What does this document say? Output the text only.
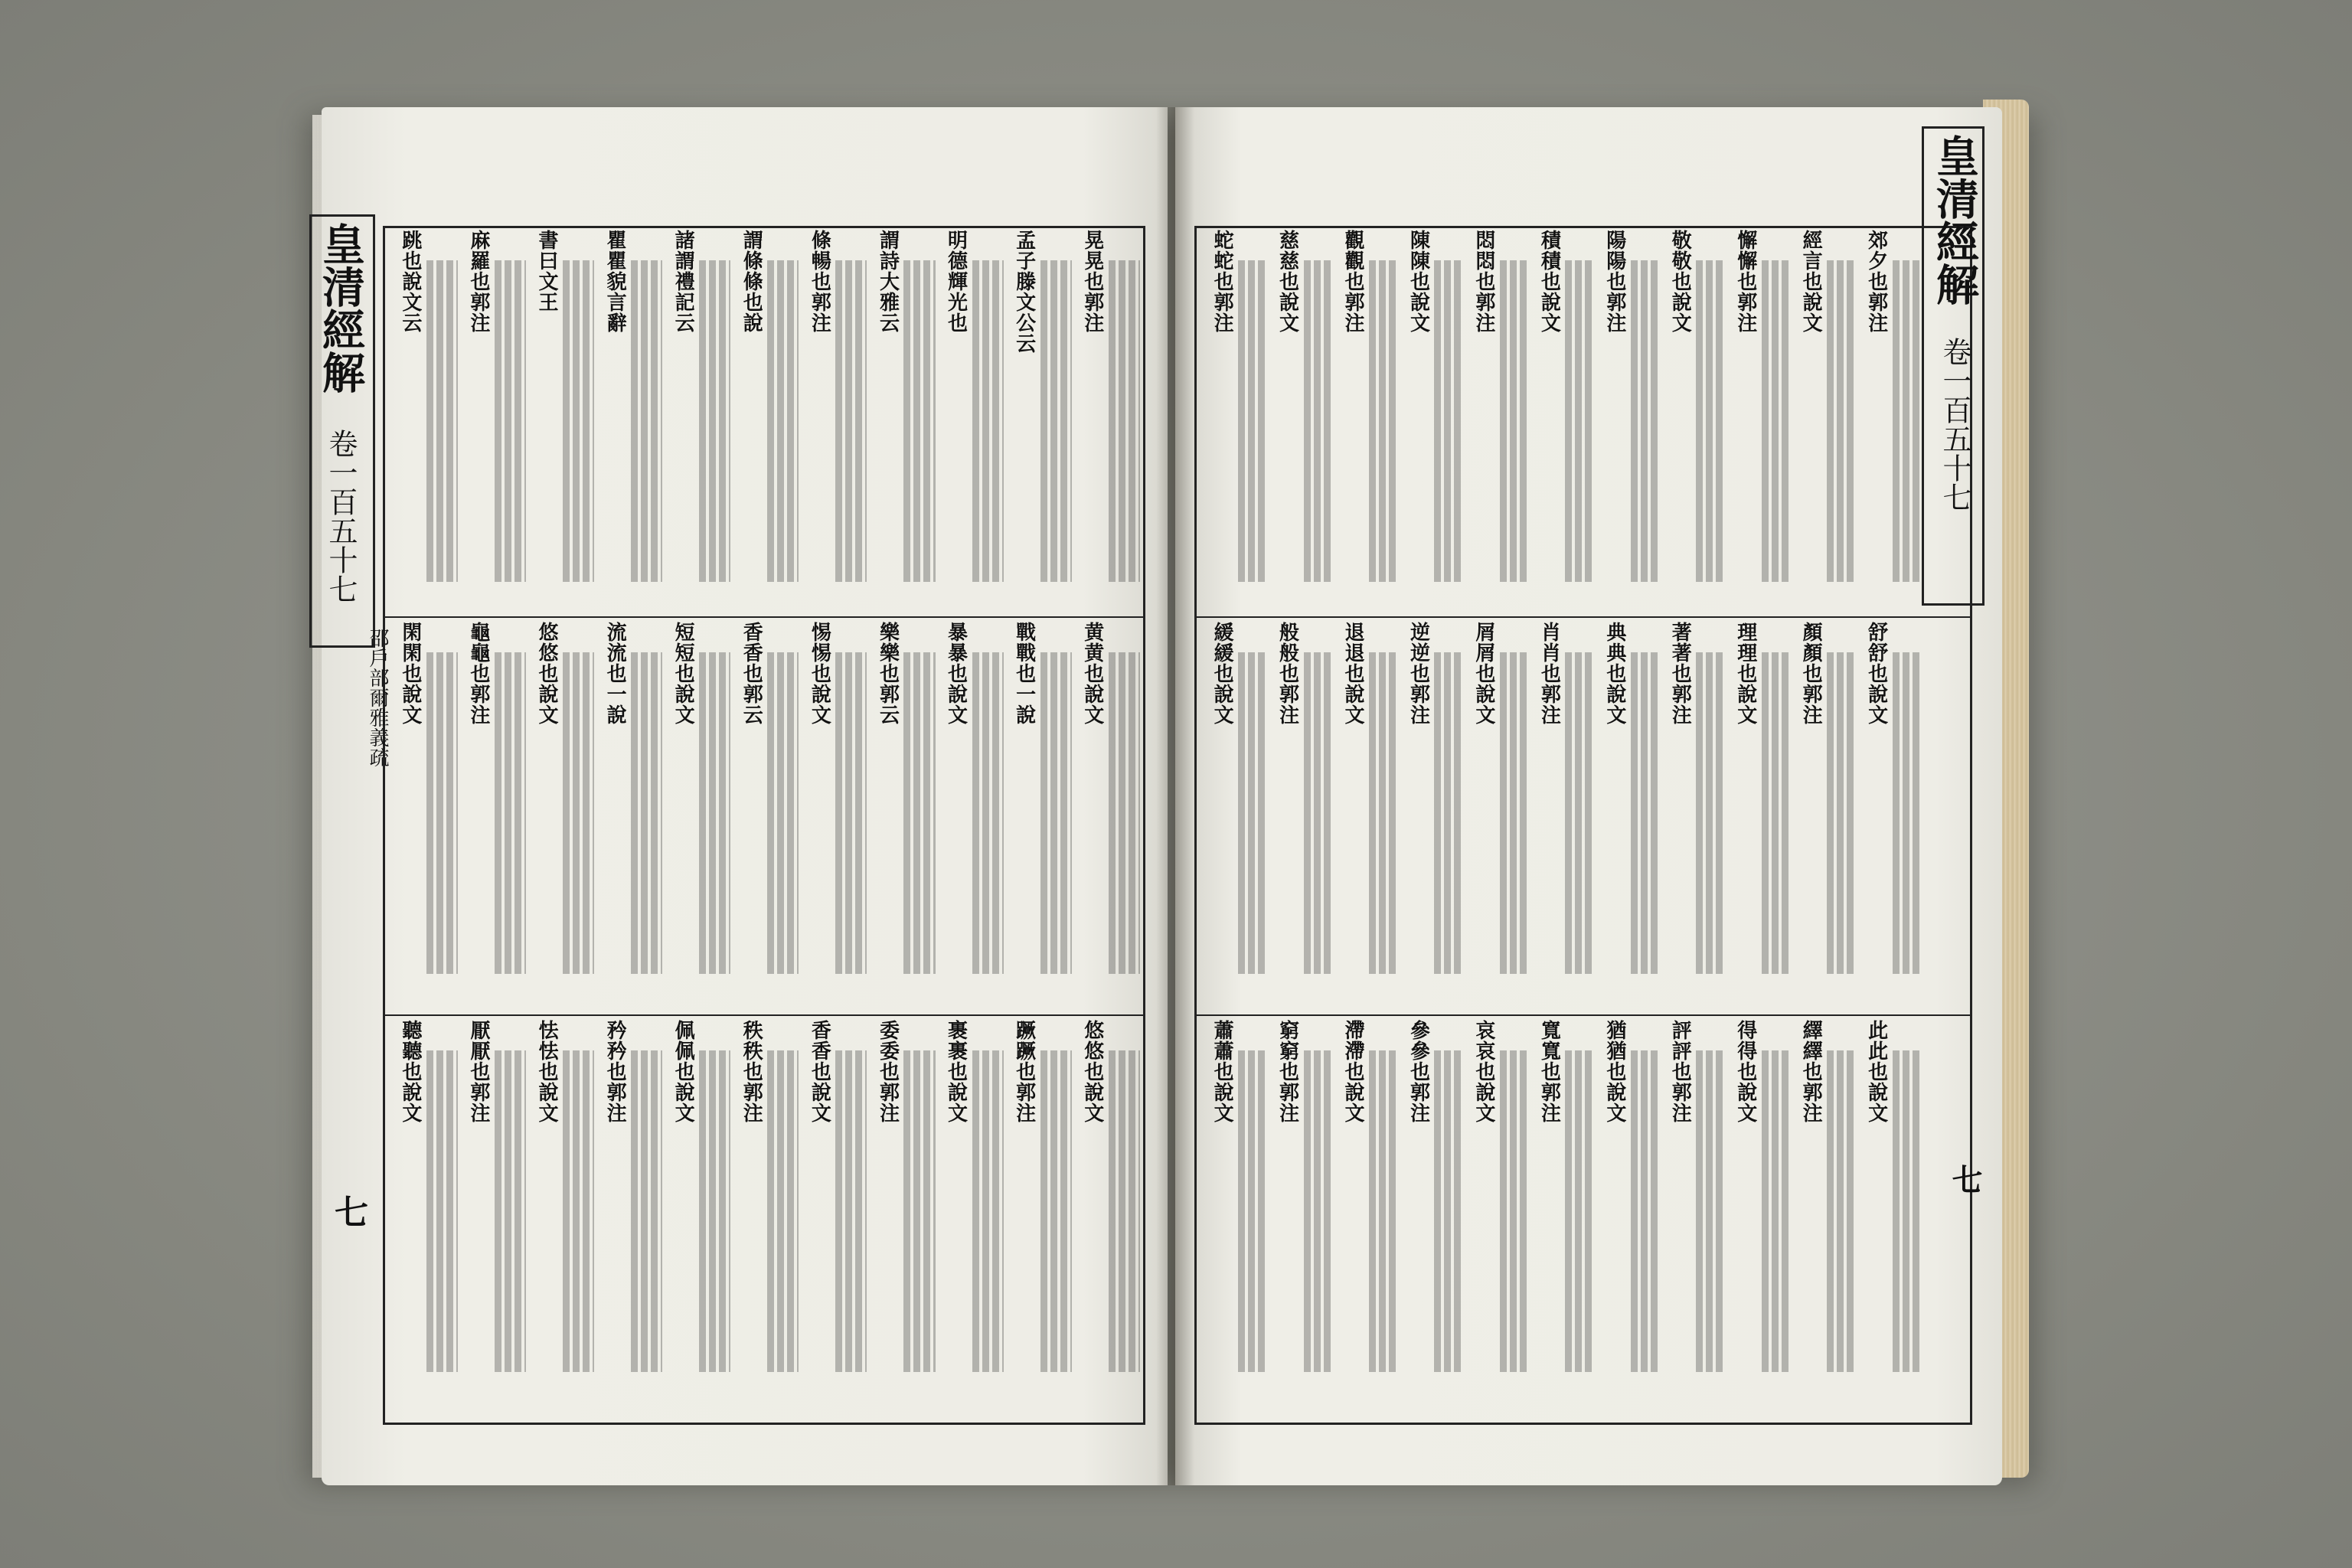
皇清經解
卷一百五十七
邵戶部爾雅義疏
七
皇清經解
卷一百五十七
七
晃晃也郭注
孟子滕文公云
明德輝光也
謂詩大雅云
條暢也郭注
謂條條也說
諸謂禮記云
瞿瞿貌言辭
書曰文王
麻羅也郭注
跳也說文云
黄黄也說文
戰戰也一說
暴暴也說文
樂樂也郭云
惕惕也說文
香香也郭云
短短也說文
流流也一說
悠悠也說文
龜龜也郭注
閑閑也說文
悠悠也說文
蹶蹶也郭注
裹裹也說文
委委也郭注
香香也說文
秩秩也郭注
佩佩也說文
矜矜也郭注
怯怯也說文
厭厭也郭注
聽聽也說文
郊夕也郭注
經言也說文
懈懈也郭注
敬敬也說文
陽陽也郭注
積積也說文
悶悶也郭注
陳陳也說文
觀觀也郭注
慈慈也說文
蛇蛇也郭注
舒舒也說文
顏顏也郭注
理理也說文
著著也郭注
典典也說文
肖肖也郭注
屑屑也說文
逆逆也郭注
退退也說文
般般也郭注
緩緩也說文
此此也說文
繹繹也郭注
得得也說文
評評也郭注
猶猶也說文
寬寬也郭注
哀哀也說文
參參也郭注
滯滯也說文
窮窮也郭注
蕭蕭也說文
